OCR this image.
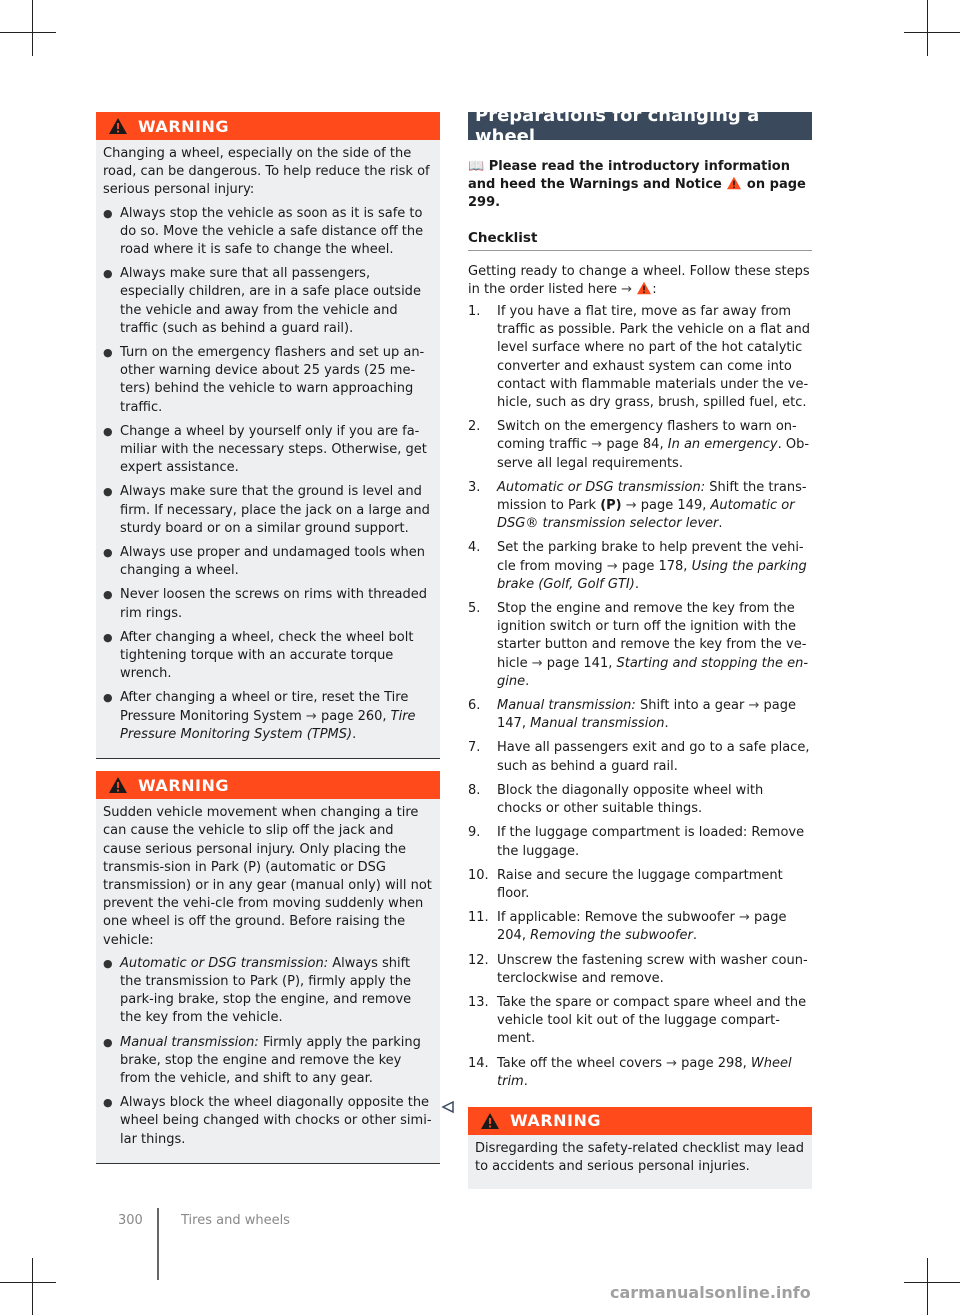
WARNING

Changing a wheel, especially on the side of the road, can be dangerous. To help reduce the risk of serious personal injury:

● Always stop the vehicle as soon as it is safe to do so. Move the vehicle a safe distance off the road where it is safe to change the wheel.
● Always make sure that all passengers, especially children, are in a safe place outside the vehicle and away from the vehicle and traffic (such as behind a guard rail).
● Turn on the emergency flashers and set up an-other warning device about 25 yards (25 me-ters) behind the vehicle to warn approaching traffic.
● Change a wheel by yourself only if you are fa-miliar with the necessary steps. Otherwise, get expert assistance.
● Always make sure that the ground is level and firm. If necessary, place the jack on a large and sturdy board or on a similar ground support.
● Always use proper and undamaged tools when changing a wheel.
● Never loosen the screws on rims with threaded rim rings.
● After changing a wheel, check the wheel bolt tightening torque with an accurate torque wrench.
● After changing a wheel or tire, reset the Tire Pressure Monitoring System → page 260, Tire Pressure Monitoring System (TPMS).
WARNING

Sudden vehicle movement when changing a tire can cause the vehicle to slip off the jack and cause serious personal injury. Only placing the transmis-sion in Park (P) (automatic or DSG transmission) or in any gear (manual only) will not prevent the vehi-cle from moving suddenly when one wheel is off the ground. Before raising the vehicle:

● Automatic or DSG transmission: Always shift the transmission to Park (P), firmly apply the park-ing brake, stop the engine, and remove the key from the vehicle.
● Manual transmission: Firmly apply the parking brake, stop the engine and remove the key from the vehicle, and shift to any gear.
● Always block the wheel diagonally opposite the wheel being changed with chocks or other simi-lar things.
Preparations for changing a wheel
📖 Please read the introductory information and heed the Warnings and Notice on page 299.
Checklist
Getting ready to change a wheel. Follow these steps in the order listed here → :
1. If you have a flat tire, move as far away from traffic as possible. Park the vehicle on a flat and level surface where no part of the hot catalytic converter and exhaust system can come into contact with flammable materials under the ve-hicle, such as dry grass, brush, spilled fuel, etc.
2. Switch on the emergency flashers to warn on-coming traffic → page 84, In an emergency. Ob-serve all legal requirements.
3. Automatic or DSG transmission: Shift the trans-mission to Park (P) → page 149, Automatic or DSG® transmission selector lever.
4. Set the parking brake to help prevent the vehi-cle from moving → page 178, Using the parking brake (Golf, Golf GTI).
5. Stop the engine and remove the key from the ignition switch or turn off the ignition with the starter button and remove the key from the ve-hicle → page 141, Starting and stopping the en-gine.
6. Manual transmission: Shift into a gear → page 147, Manual transmission.
7. Have all passengers exit and go to a safe place, such as behind a guard rail.
8. Block the diagonally opposite wheel with chocks or other suitable things.
9. If the luggage compartment is loaded: Remove the luggage.
10. Raise and secure the luggage compartment floor.
11. If applicable: Remove the subwoofer → page 204, Removing the subwoofer.
12. Unscrew the fastening screw with washer coun-terclockwise and remove.
13. Take the spare or compact spare wheel and the vehicle tool kit out of the luggage compart-ment.
14. Take off the wheel covers → page 298, Wheel trim.
WARNING

Disregarding the safety-related checklist may lead to accidents and serious personal injuries.

300	Tires and wheels
carmanualsonline.info
